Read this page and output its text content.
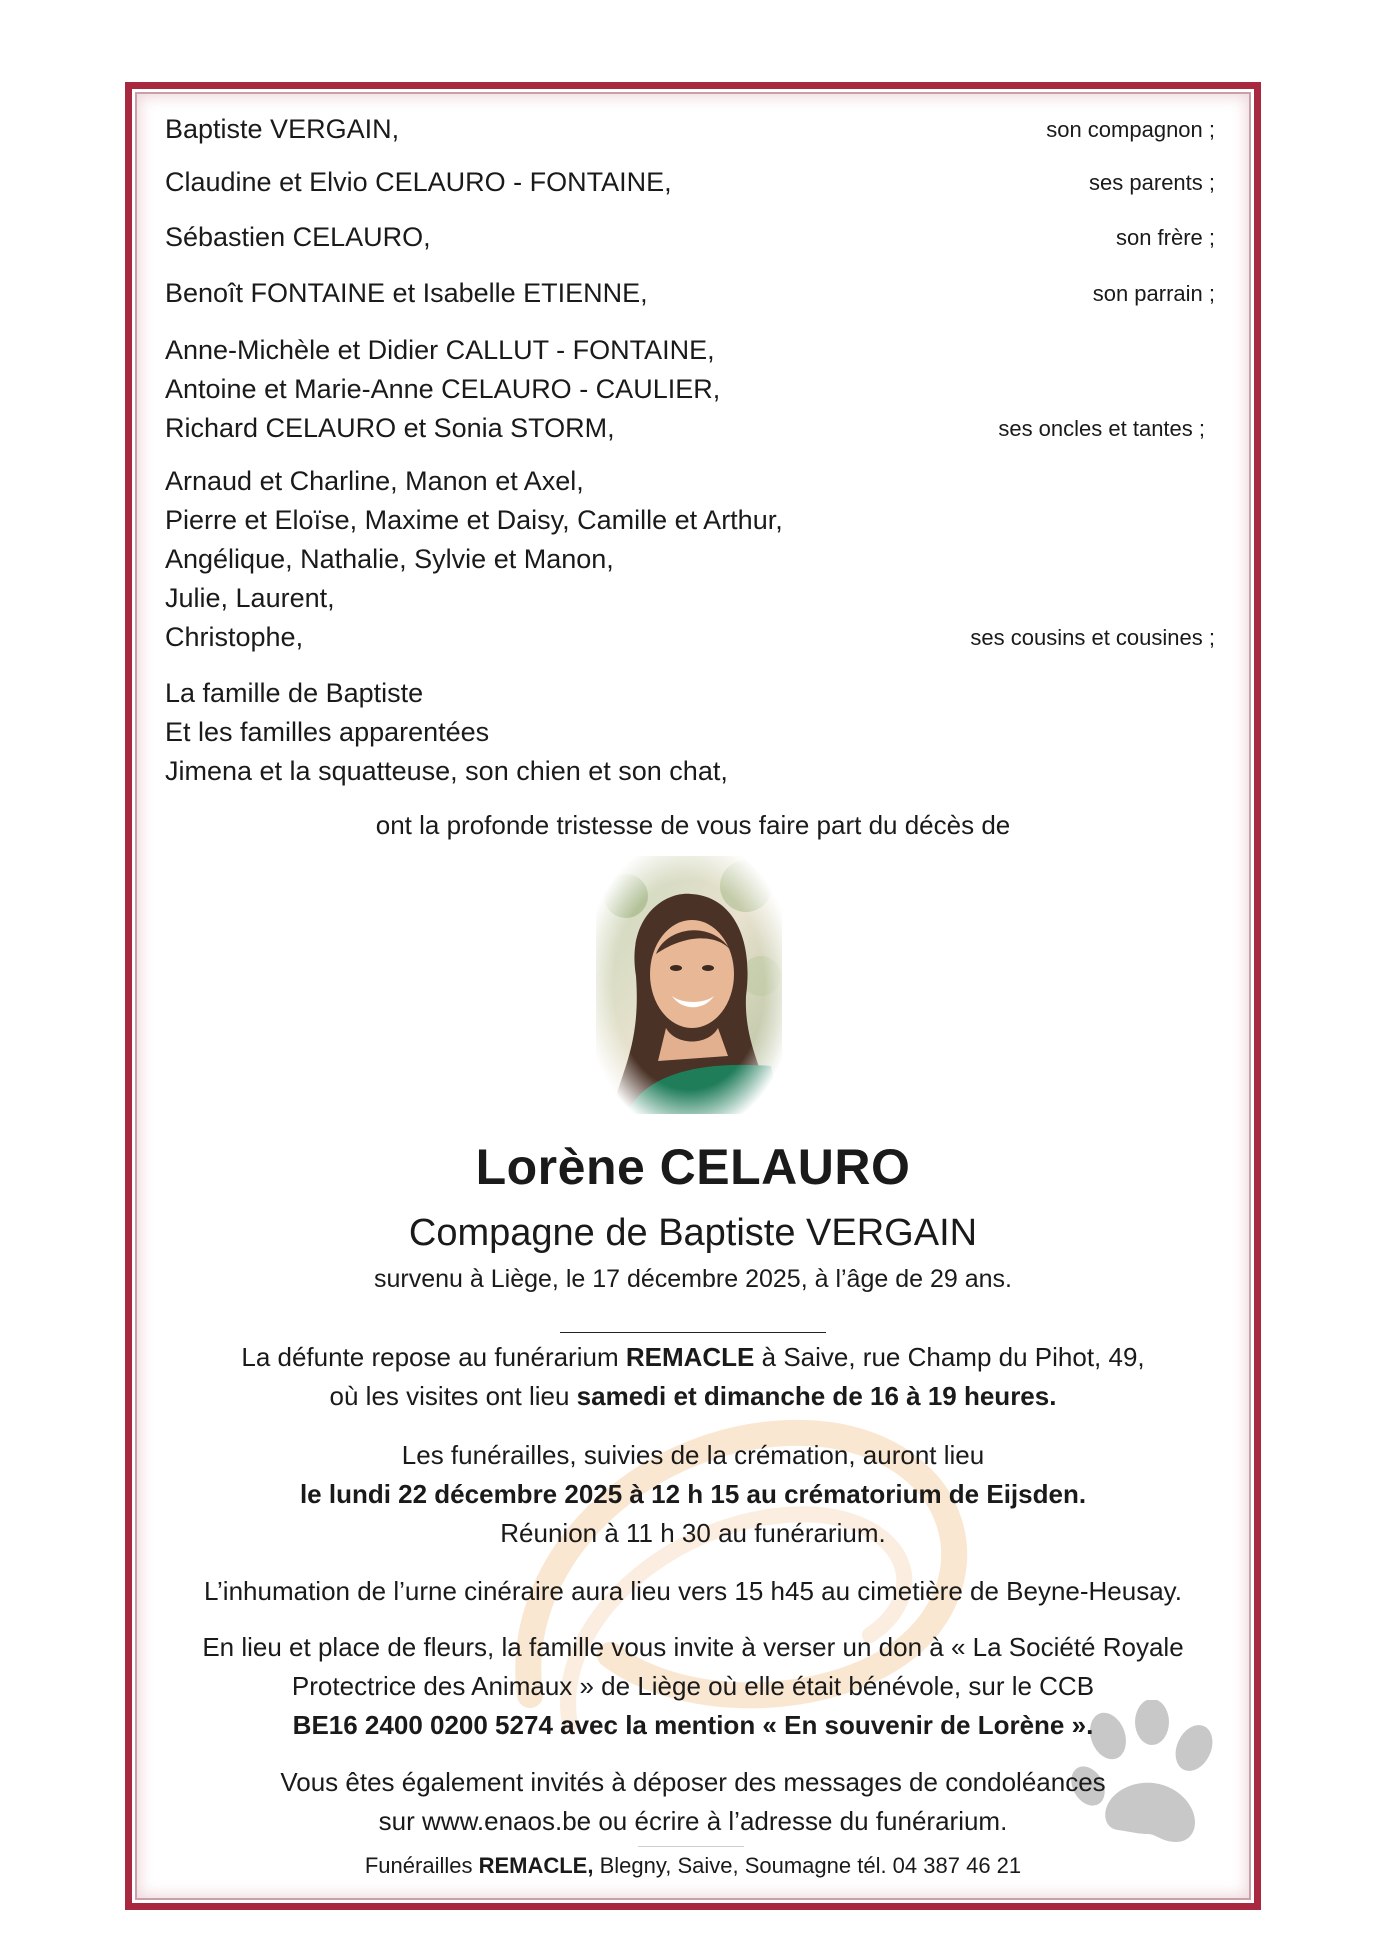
Baptiste VERGAIN,	son compagnon ;
Claudine et Elvio CELAURO - FONTAINE,	ses parents ;
Sébastien CELAURO,	son frère ;
Benoît FONTAINE et Isabelle ETIENNE,	son parrain ;
Anne-Michèle et Didier CALLUT - FONTAINE,
Antoine et Marie-Anne CELAURO - CAULIER,
Richard CELAURO et Sonia STORM,	ses oncles et tantes ;
Arnaud et Charline, Manon et Axel,
Pierre et Eloïse, Maxime et Daisy, Camille et Arthur,
Angélique, Nathalie, Sylvie et Manon,
Julie, Laurent,
Christophe,	ses cousins et cousines ;
La famille de Baptiste
Et les familles apparentées
Jimena et la squatteuse, son chien et son chat,
ont la profonde tristesse de vous faire part du décès de
Lorène CELAURO
Compagne de Baptiste VERGAIN
survenu à Liège, le 17 décembre 2025, à l’âge de 29 ans.
La défunte repose au funérarium REMACLE à Saive, rue Champ du Pihot, 49,
où les visites ont lieu samedi et dimanche de 16 à 19 heures.
Les funérailles, suivies de la crémation, auront lieu
le lundi 22 décembre 2025 à 12 h 15 au crématorium de Eijsden.
Réunion à 11 h 30 au funérarium.
L’inhumation de l’urne cinéraire aura lieu vers 15 h45 au cimetière de Beyne-Heusay.
En lieu et place de fleurs, la famille vous invite à verser un don à « La Société Royale
Protectrice des Animaux » de Liège où elle était bénévole, sur le CCB
BE16 2400 0200 5274 avec la mention « En souvenir de Lorène ».
Vous êtes également invités à déposer des messages de condoléances
sur www.enaos.be ou écrire à l’adresse du funérarium.
Funérailles REMACLE, Blegny, Saive, Soumagne tél. 04 387 46 21
